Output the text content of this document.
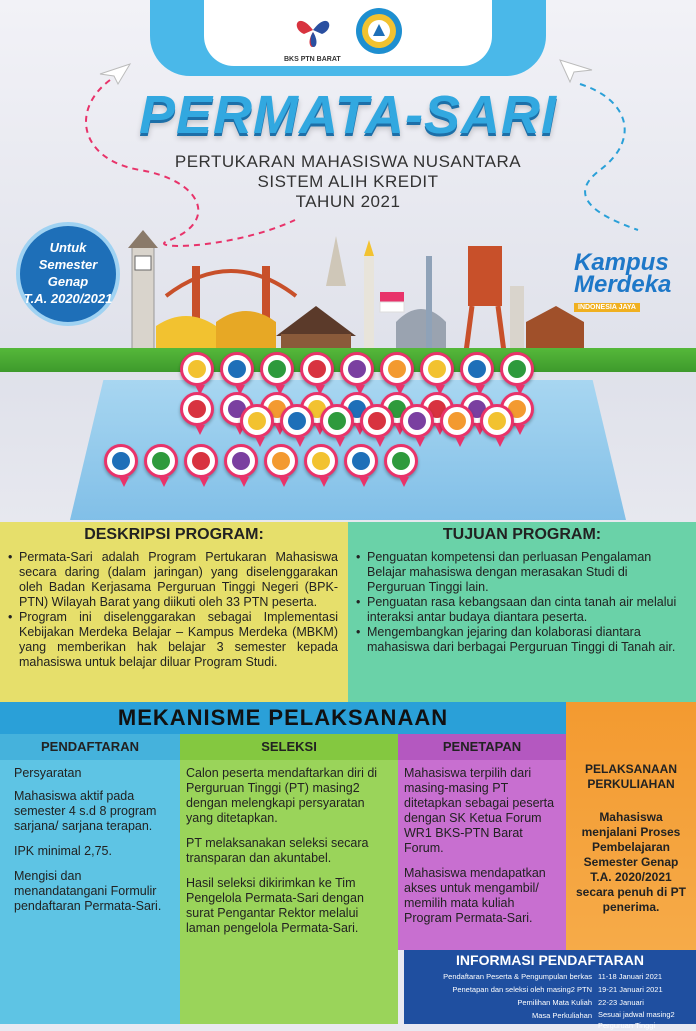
BKS PTN BARAT
PERMATA-SARI
PERTUKARAN MAHASISWA NUSANTARA
SISTEM ALIH KREDIT
TAHUN 2021
Untuk
Semester Genap
T.A. 2020/2021
Kampus
Merdeka
INDONESIA JAYA
DESKRIPSI PROGRAM:
• Permata-Sari adalah Program Pertukaran Mahasiswa secara daring (dalam jaringan) yang diselenggarakan oleh Badan Kerjasama Perguruan Tinggi Negeri (BPK-PTN) Wilayah Barat yang diikuti oleh 33 PTN peserta.
• Program ini diselenggarakan sebagai Implementasi Kebijakan Merdeka Belajar – Kampus Merdeka (MBKM) yang memberikan hak belajar 3 semester kepada mahasiswa untuk belajar diluar Program Studi.
TUJUAN PROGRAM:
• Penguatan kompetensi dan perluasan Pengalaman Belajar mahasiswa dengan merasakan Studi di Perguruan Tinggi lain.
• Penguatan rasa kebangsaan dan cinta tanah air melalui interaksi antar budaya diantara peserta.
• Mengembangkan jejaring dan kolaborasi diantara mahasiswa dari berbagai Perguruan Tinggi di Tanah air.
MEKANISME PELAKSANAAN
PENDAFTARAN
Persyaratan
Mahasiswa aktif pada semester 4 s.d 8 program sarjana/ sarjana terapan.
IPK minimal 2,75.
Mengisi dan menandatangani Formulir pendaftaran Permata-Sari.
SELEKSI
Calon peserta mendaftarkan diri di Perguruan Tinggi (PT) masing2 dengan melengkapi persyaratan yang ditetapkan.
PT melaksanakan seleksi secara transparan dan akuntabel.
Hasil seleksi dikirimkan ke Tim Pengelola Permata-Sari dengan surat Pengantar Rektor melalui laman pengelola Permata-Sari.
PENETAPAN
Mahasiswa terpilih dari masing-masing PT ditetapkan sebagai peserta dengan SK Ketua Forum WR1 BKS-PTN Barat Forum.
Mahasiswa mendapatkan akses untuk mengambil/ memilih mata kuliah Program Permata-Sari.
PELAKSANAAN PERKULIAHAN
Mahasiswa menjalani Proses Pembelajaran Semester Genap T.A. 2020/2021 secara penuh di PT penerima.
INFORMASI PENDAFTARAN
Pendaftaran Peserta & Pengumpulan berkas
Penetapan dan seleksi oleh masing2 PTN
Pemilihan Mata Kuliah
Masa Perkuliahan
11-18 Januari 2021
19-21 Januari 2021
22-23 Januari
Sesuai jadwal masing2 Perguruan Tinggi
